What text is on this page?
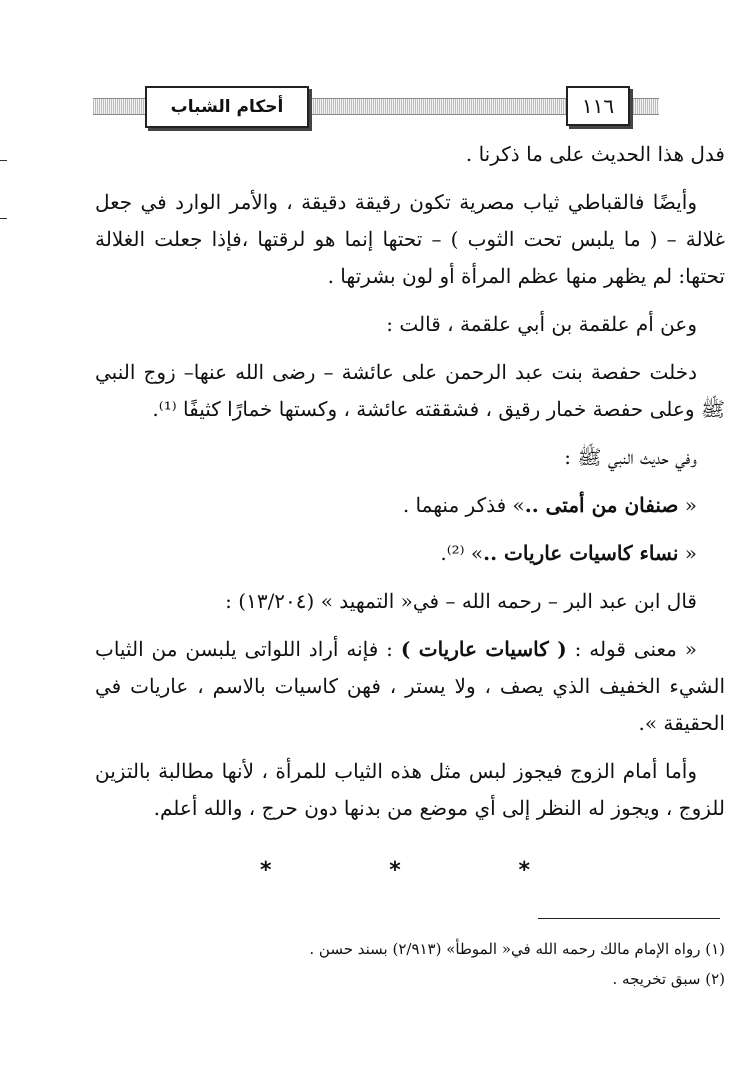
أحكام الشباب	١١٦

فدل هذا الحديث على ما ذكرنا .

وأيضًا فالقباطي ثياب مصرية تكون رقيقة دقيقة ، والأمر الوارد في جعل غلالة – ( ما يلبس تحت الثوب ) – تحتها إنما هو لرقتها ،فإذا جعلت الغلالة تحتها: لم يظهر منها عظم المرأة أو لون بشرتها .

وعن أم علقمة بن أبي علقمة ، قالت :

دخلت حفصة بنت عبد الرحمن على عائشة – رضى الله عنها– زوج النبي ﷺ وعلى حفصة خمار رقيق ، فشققته عائشة ، وكستها خمارًا كثيفًا ⁽¹⁾.

وفي حديث النبي ﷺ :

« صنفان من أمتى ..» فذكر منهما .

« نساء كاسيات عاريات ..» ⁽²⁾.

قال ابن عبد البر – رحمه الله – في« التمهيد » (١٣/٢٠٤) :

« معنى قوله : ( كاسيات عاريات ) : فإنه أراد اللواتى يلبسن من الثياب الشيء الخفيف الذي يصف ، ولا يستر ، فهن كاسيات بالاسم ، عاريات في الحقيقة ».

وأما أمام الزوج فيجوز لبس مثل هذه الثياب للمرأة ، لأنها مطالبة بالتزين للزوج ، ويجوز له النظر إلى أي موضع من بدنها دون حرج ، والله أعلم.

*	*	*

(١) رواه الإمام مالك رحمه الله في« الموطأ» (٢/٩١٣) بسند حسن .

(٢) سبق تخريجه .
